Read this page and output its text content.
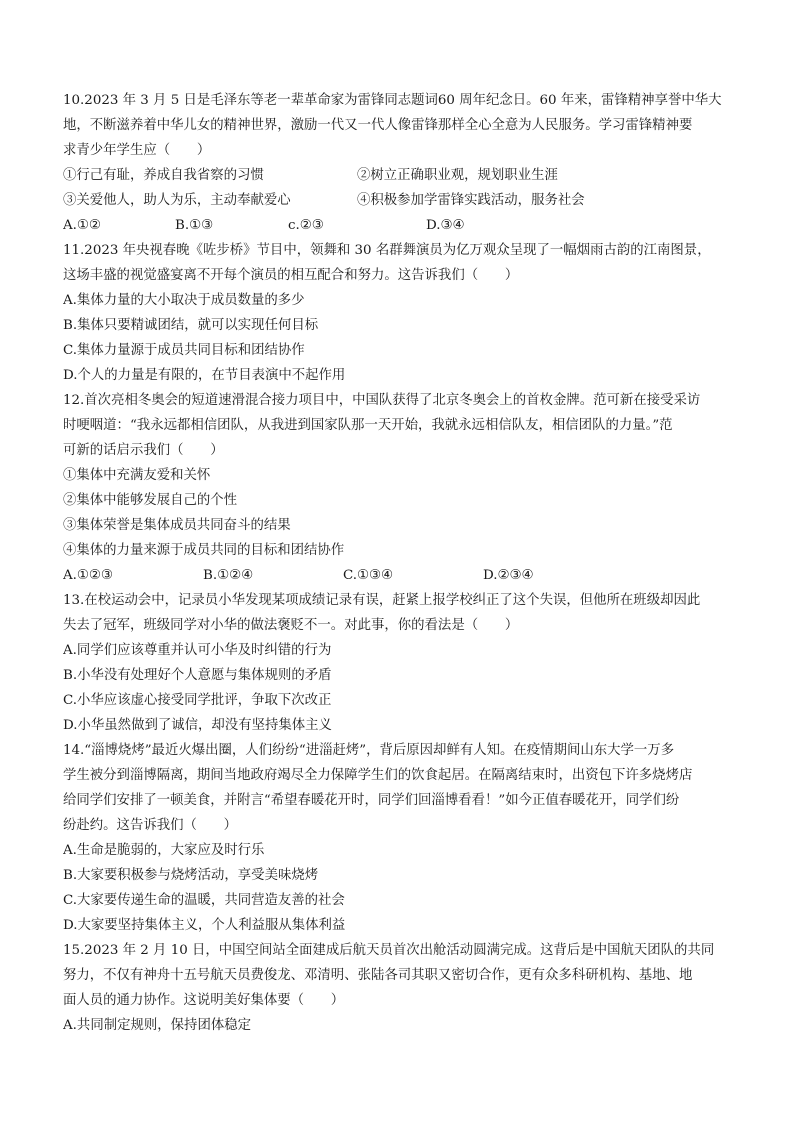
10.2023 年 3 月 5 日是毛泽东等老一辈革命家为雷锋同志题词60 周年纪念日。60 年来，雷锋精神享誉中华大
地，不断滋养着中华儿女的精神世界，激励一代又一代人像雷锋那样全心全意为人民服务。学习雷锋精神要
求青少年学生应（　　）
①行己有耻，养成自我省察的习惯	②树立正确职业观，规划职业生涯
③关爱他人，助人为乐，主动奉献爱心	④积极参加学雷锋实践活动，服务社会
A.①②	B.①③	c.②③	D.③④
11.2023 年央视春晚《咗步桥》节目中，领舞和 30 名群舞演员为亿万观众呈现了一幅烟雨古韵的江南图景，
这场丰盛的视觉盛宴离不开每个演员的相互配合和努力。这告诉我们（　　）
A.集体力量的大小取决于成员数量的多少
B.集体只要精诚团结，就可以实现任何目标
C.集体力量源于成员共同目标和团结协作
D.个人的力量是有限的，在节目表演中不起作用
12.首次亮相冬奥会的短道速滑混合接力项目中，中国队获得了北京冬奥会上的首枚金牌。范可新在接受采访
时哽咽道：“我永远都相信团队，从我进到国家队那一天开始，我就永远相信队友，相信团队的力量。”范
可新的话启示我们（　　）
①集体中充满友爱和关怀
②集体中能够发展自己的个性
③集体荣誉是集体成员共同奋斗的结果
④集体的力量来源于成员共同的目标和团结协作
A.①②③	B.①②④	C.①③④	D.②③④
13.在校运动会中，记录员小华发现某项成绩记录有误，赶紧上报学校纠正了这个失误，但他所在班级却因此
失去了冠军，班级同学对小华的做法褒贬不一。对此事，你的看法是（　　）
A.同学们应该尊重并认可小华及时纠错的行为
B.小华没有处理好个人意愿与集体规则的矛盾
C.小华应该虚心接受同学批评，争取下次改正
D.小华虽然做到了诚信，却没有坚持集体主义
14.“淄博烧烤”最近火爆出圈，人们纷纷“进淄赶烤”，背后原因却鲜有人知。在疫情期间山东大学一万多
学生被分到淄博隔离，期间当地政府竭尽全力保障学生们的饮食起居。在隔离结束时，出资包下许多烧烤店
给同学们安排了一顿美食，并附言“希望春暖花开时，同学们回淄博看看！”如今正值春暖花开，同学们纷
纷赴约。这告诉我们（　　）
A.生命是脆弱的，大家应及时行乐
B.大家要积极参与烧烤活动，享受美味烧烤
C.大家要传递生命的温暖，共同营造友善的社会
D.大家要坚持集体主义，个人利益服从集体利益
15.2023 年 2 月 10 日，中国空间站全面建成后航天员首次出舱活动圆满完成。这背后是中国航天团队的共同
努力，不仅有神舟十五号航天员费俊龙、邓清明、张陆各司其职又密切合作，更有众多科研机构、基地、地
面人员的通力协作。这说明美好集体要（　　）
A.共同制定规则，保持团体稳定
